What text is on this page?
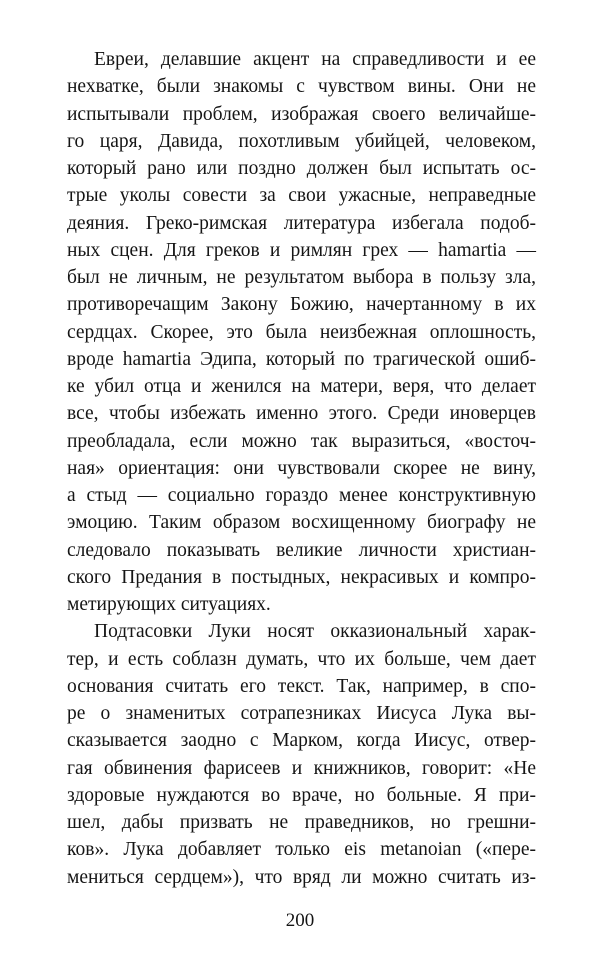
Евреи, делавшие акцент на справедливости и ее
нехватке, были знакомы с чувством вины. Они не
испытывали проблем, изображая своего величайше-
го царя, Давида, похотливым убийцей, человеком,
который рано или поздно должен был испытать ос-
трые уколы совести за свои ужасные, неправедные
деяния. Греко-римская литература избегала подоб-
ных сцен. Для греков и римлян грех — hamartia —
был не личным, не результатом выбора в пользу зла,
противоречащим Закону Божию, начертанному в их
сердцах. Скорее, это была неизбежная оплошность,
вроде hamartia Эдипа, который по трагической ошиб-
ке убил отца и женился на матери, веря, что делает
все, чтобы избежать именно этого. Среди иноверцев
преобладала, если можно так выразиться, «восточ-
ная» ориентация: они чувствовали скорее не вину,
а стыд — социально гораздо менее конструктивную
эмоцию. Таким образом восхищенному биографу не
следовало показывать великие личности христиан-
ского Предания в постыдных, некрасивых и компро-
метирующих ситуациях.
Подтасовки Луки носят окказиональный харак-
тер, и есть соблазн думать, что их больше, чем дает
основания считать его текст. Так, например, в спо-
ре о знаменитых сотрапезниках Иисуса Лука вы-
сказывается заодно с Марком, когда Иисус, отвер-
гая обвинения фарисеев и книжников, говорит: «Не
здоровые нуждаются во враче, но больные. Я при-
шел, дабы призвать не праведников, но грешни-
ков». Лука добавляет только eis metanoian («пере-
мениться сердцем»), что вряд ли можно считать из-
200
